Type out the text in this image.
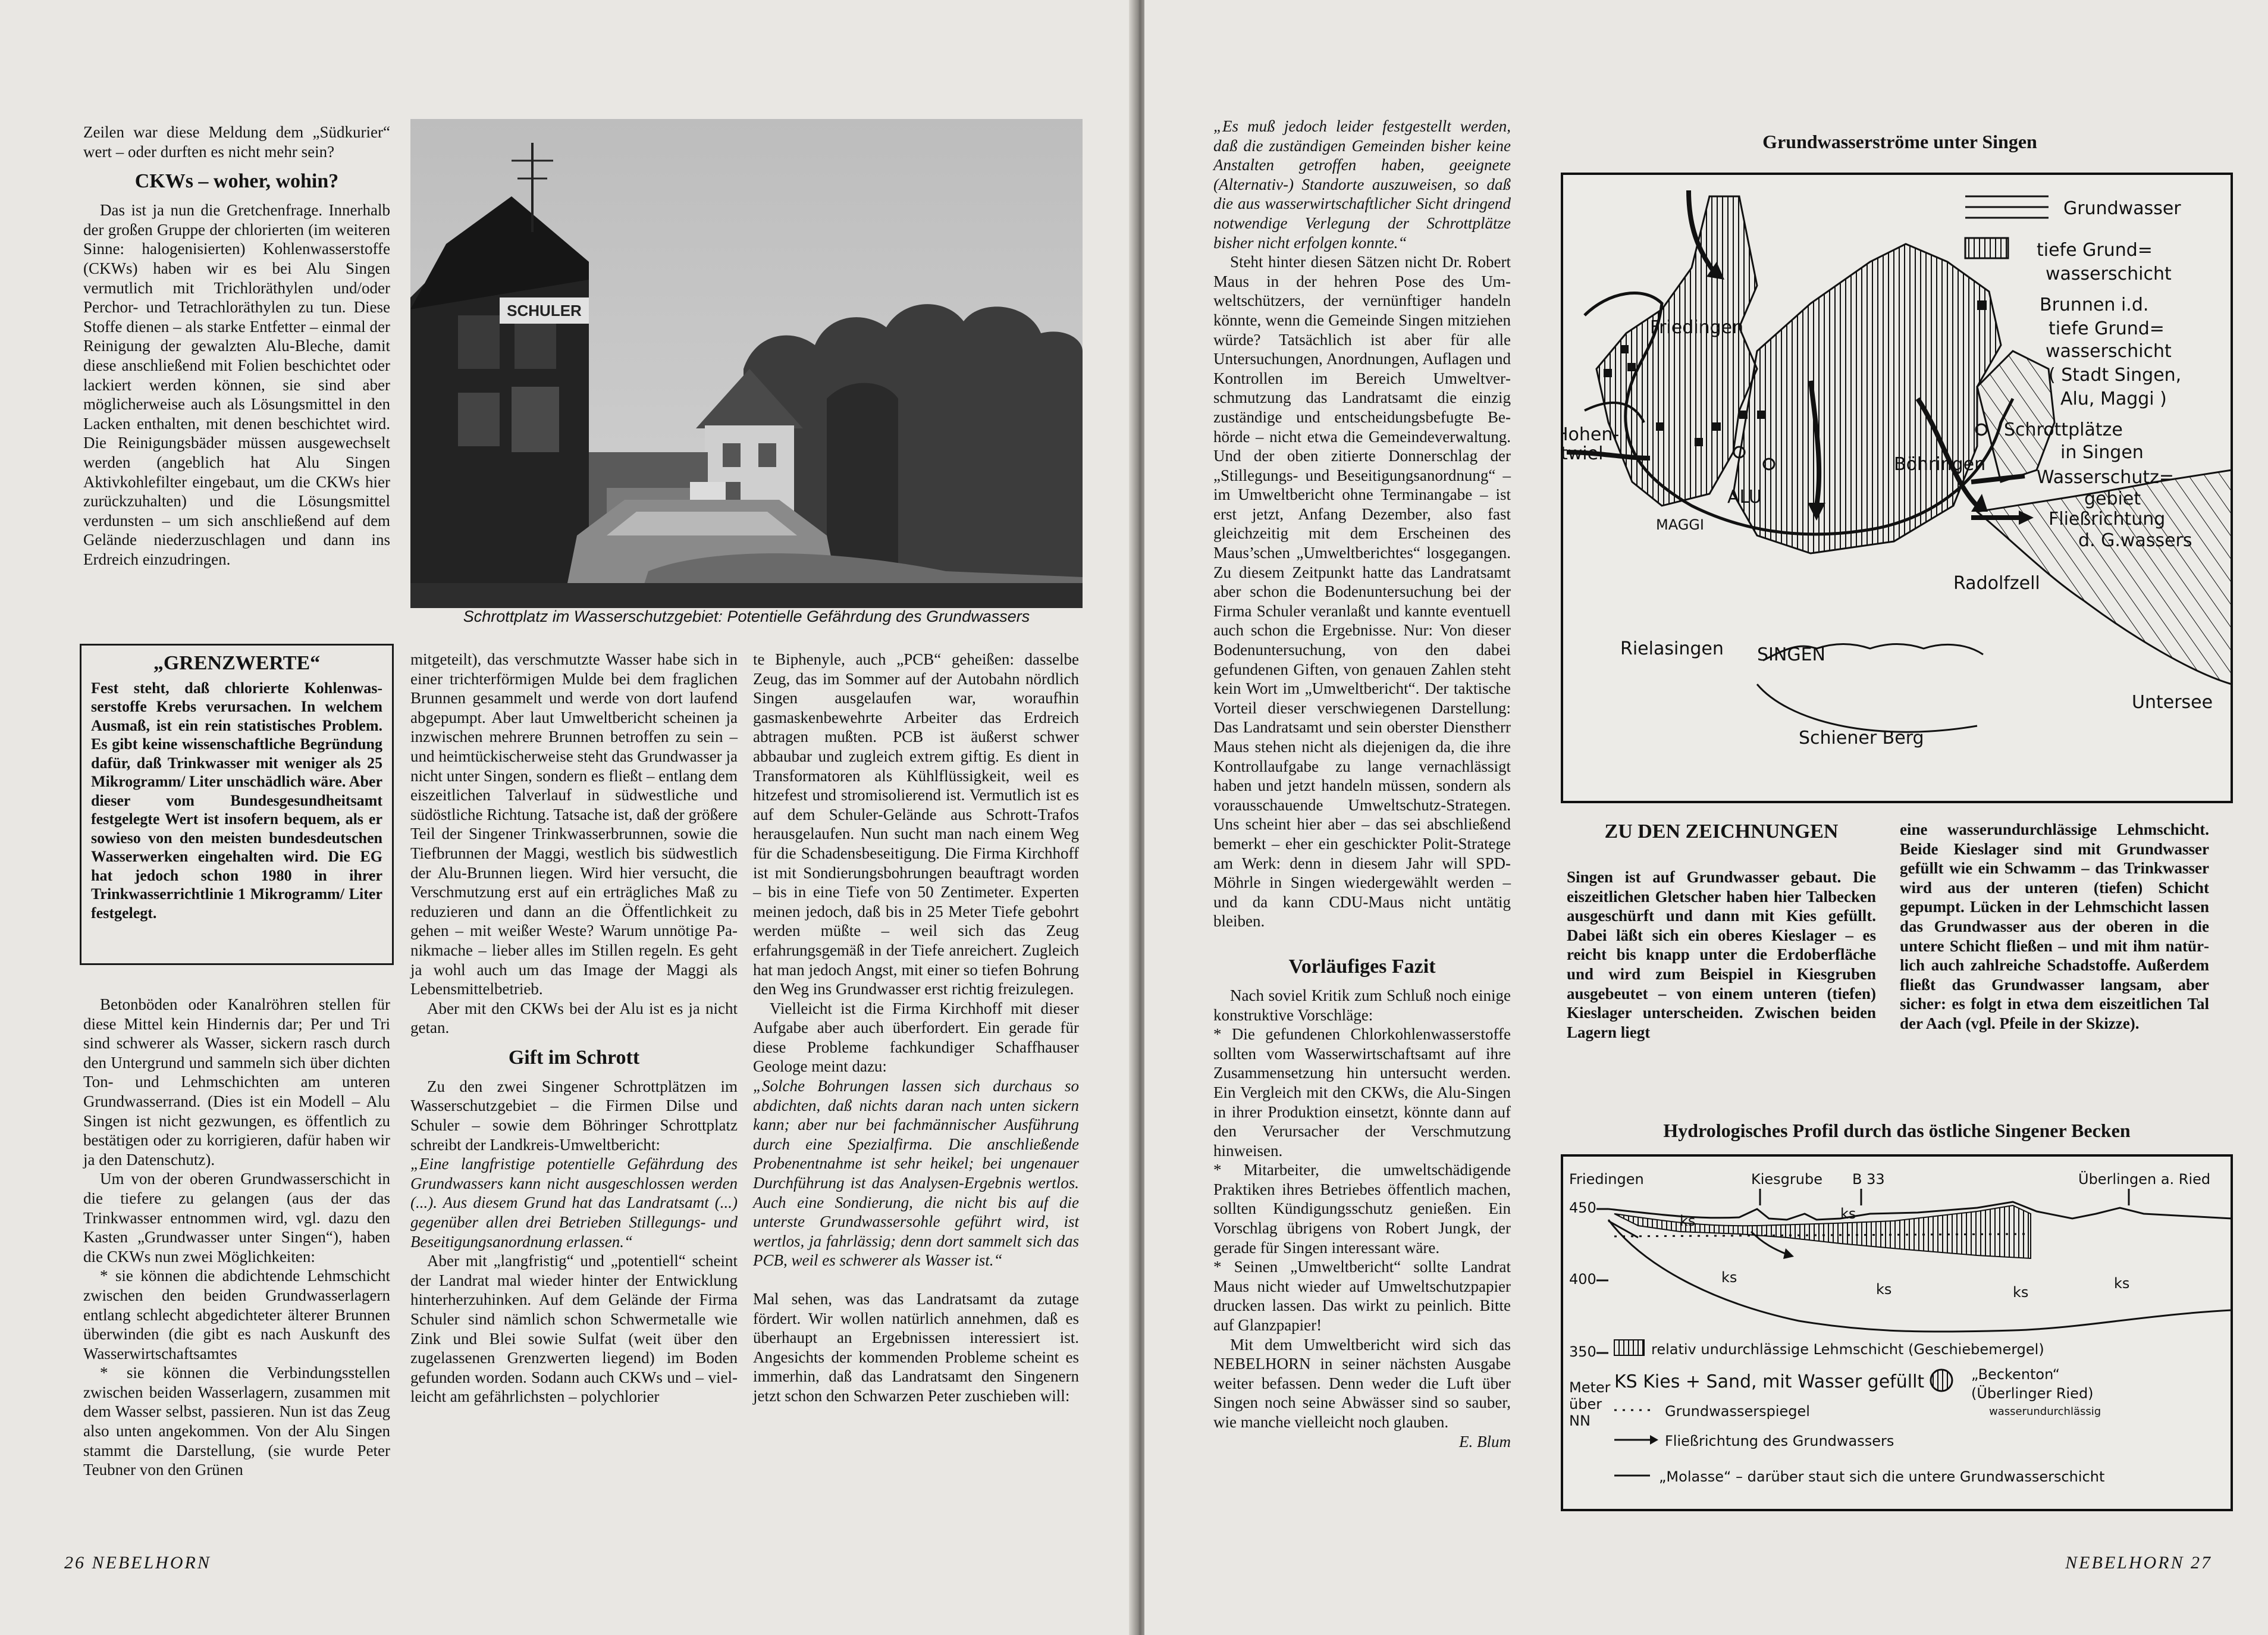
Zeilen war diese Meldung dem „Südkurier“ wert – oder durften es nicht mehr sein?

CKWs – woher, wohin?

Das ist ja nun die Gretchenfrage. Innerhalb der großen Gruppe der chlorierten (im weiteren Sinne: halogenisierten) Kohlenwasserstoffe (CKWs) haben wir es bei Alu Singen vermutlich mit Trichloräthylen und/oder Perchor- und Tetrachloräthylen zu tun. Diese Stoffe dienen – als starke Entfetter – einmal der Reinigung der gewalzten Alu-Bleche, damit diese anschließend mit Folien beschichtet oder lackiert werden können, sie sind aber möglicherweise auch als Lösungsmittel in den Lacken enthalten, mit denen beschichtet wird. Die Reinigungsbäder müssen ausgewechselt werden (angeblich hat Alu Singen Aktivkohlefilter eingebaut, um die CKWs hier zurückzuhalten) und die Lösungsmittel verdunsten – um sich anschließend auf dem Gelände niederzuschlagen und dann ins Erdreich einzudringen.

„GRENZWERTE“
Fest steht, daß chlorierte Kohlenwasserstoffe Krebs verursachen. In welchem Ausmaß, ist ein rein statistisches Problem. Es gibt keine wissenschaftliche Begründung dafür, daß Trinkwasser mit weniger als 25 Mikrogramm/ Liter unschädlich wäre. Aber dieser vom Bundesgesundheitsamt festgelegte Wert ist insofern bequem, als er sowieso von den meisten bundesdeutschen Wasserwerken eingehalten wird. Die EG hat jedoch schon 1980 in ihrer Trinkwasserrichtlinie 1 Mikrogramm/ Liter festgelegt.

Betonböden oder Kanalröhren stellen für diese Mittel kein Hindernis dar; Per und Tri sind schwerer als Wasser, sickern rasch durch den Untergrund und sammeln sich über dichten Ton- und Lehmschichten am unteren Grundwasserrand. (Dies ist ein Modell – Alu Singen ist nicht gezwungen, es öffentlich zu bestätigen oder zu korrigieren, dafür haben wir ja den Datenschutz).

Um von der oberen Grundwasserschicht in die tiefere zu gelangen (aus der das Trinkwasser entnommen wird, vgl. dazu den Kasten „Grundwasser unter Singen“), haben die CKWs nun zwei Möglichkeiten:

* sie können die abdichtende Lehmschicht zwischen den beiden Grundwasserlagern entlang schlecht abgedichteter älterer Brunnen überwinden (die gibt es nach Auskunft des Wasserwirtschaftsamtes

* sie können die Verbindungsstellen zwischen beiden Wasserlagern, zusammen mit dem Wasser selbst, passieren. Nun ist das Zeug also unten angekommen. Von der Alu Singen stammt die Darstellung, (sie wurde Peter Teubner von den Grünen

SCHULER
Schrottplatz im Wasserschutzgebiet: Potentielle Gefährdung des Grundwassers

mitgeteilt), das verschmutzte Wasser habe sich in einer trichterförmigen Mulde bei dem fraglichen Brunnen gesammelt und werde von dort laufend abgepumpt. Aber laut Umweltbericht scheinen ja inzwischen mehrere Brunnen betroffen zu sein – und heimtückischerweise steht das Grundwasser ja nicht unter Singen, sondern es fließt – entlang dem eiszeitlichen Talverlauf in südwestliche und südöstliche Richtung. Tatsache ist, daß der größere Teil der Singener Trinkwasserbrunnen, sowie die Tiefbrunnen der Maggi, westlich bis südwestlich der Alu-Brunnen liegen. Wird hier versucht, die Verschmutzung erst auf ein erträgliches Maß zu reduzieren und dann an die Öffentlichkeit zu gehen – mit weißer Weste? Warum unnötige Panikmache – lieber alles im Stillen regeln. Es geht ja wohl auch um das Image der Maggi als Lebensmittelbetrieb.

Aber mit den CKWs bei der Alu ist es ja nicht getan.

Gift im Schrott

Zu den zwei Singener Schrottplätzen im Wasserschutzgebiet – die Firmen Dilse und Schuler – sowie dem Böhringer Schrottplatz schreibt der Landkreis-Umweltbericht:

„Eine langfristige potentielle Gefährdung des Grundwassers kann nicht ausgeschlossen werden (...). Aus diesem Grund hat das Landratsamt (...) gegenüber allen drei Betrieben Stillegungs- und Beseitigungsanordnung erlassen.“

Aber mit „langfristig“ und „potentiell“ scheint der Landrat mal wieder hinter der Entwicklung hinterherzuhinken. Auf dem Gelände der Firma Schuler sind nämlich schon Schwermetalle wie Zink und Blei sowie Sulfat (weit über den zugelassenen Grenzwerten liegend) im Boden gefunden worden. Sodann auch CKWs und – vielleicht am gefährlichsten – polychlorier

te Biphenyle, auch „PCB“ geheißen: dasselbe Zeug, das im Sommer auf der Autobahn nördlich Singen ausgelaufen war, woraufhin gasmaskenbewehrte Arbeiter das Erdreich abtragen mußten. PCB ist äußerst schwer abbaubar und zugleich extrem giftig. Es dient in Transformatoren als Kühlflüssigkeit, weil es hitzefest und stromisolierend ist. Vermutlich ist es auf dem Schuler-Gelände aus Schrott-Trafos herausgelaufen. Nun sucht man nach einem Weg für die Schadensbeseitigung. Die Firma Kirchhoff ist mit Sondierungsbohrungen beauftragt worden – bis in eine Tiefe von 50 Zentimeter. Experten meinen jedoch, daß bis in 25 Meter Tiefe gebohrt werden müßte – weil sich das Zeug erfahrungsgemäß in der Tiefe anreichert. Zugleich hat man jedoch Angst, mit einer so tiefen Bohrung den Weg ins Grundwasser erst richtig freizulegen.

Vielleicht ist die Firma Kirchhoff mit dieser Aufgabe aber auch überfordert. Ein gerade für diese Probleme fachkundiger Schaffhauser Geologe meint dazu:

„Solche Bohrungen lassen sich durchaus so abdichten, daß nichts daran nach unten sickern kann; aber nur bei fachmännischer Ausführung durch eine Spezialfirma. Die anschließende Probenentnahme ist sehr heikel; bei ungenauer Durchführung ist das Analysen-Ergebnis wertlos. Auch eine Sondierung, die nicht bis auf die unterste Grundwassersohle geführt wird, ist wertlos, ja fahrlässig; denn dort sammelt sich das PCB, weil es schwerer als Wasser ist.“

Mal sehen, was das Landratsamt da zutage fördert. Wir wollen natürlich annehmen, daß es überhaupt an Ergebnissen interessiert ist. Angesichts der kommenden Probleme scheint es immerhin, daß das Landratsamt den Singenern jetzt schon den Schwarzen Peter zuschieben will:

26 NEBELHORN

„Es muß jedoch leider festgestellt werden, daß die zuständigen Gemeinden bisher keine Anstalten getroffen haben, geeignete (Alternativ-) Standorte auszuweisen, so daß die aus wasserwirtschaftlicher Sicht dringend notwendige Verlegung der Schrottplätze bisher nicht erfolgen konnte.“

Steht hinter diesen Sätzen nicht Dr. Robert Maus in der hehren Pose des Umweltschützers, der vernünftiger handeln könnte, wenn die Gemeinde Singen mitziehen würde? Tatsächlich ist aber für alle Untersuchungen, Anordnungen, Auflagen und Kontrollen im Bereich Umweltverschmutzung das Landratsamt die einzig zuständige und entscheidungsbefugte Behörde – nicht etwa die Gemeindeverwaltung. Und der oben zitierte Donnerschlag der „Stillegungs- und Beseitigungsanordnung“ – im Umweltbericht ohne Terminangabe – ist erst jetzt, Anfang Dezember, also fast gleichzeitig mit dem Erscheinen des Maus’schen „Umweltberichtes“ losgegangen. Zu diesem Zeitpunkt hatte das Landratsamt aber schon die Bodenuntersuchung bei der Firma Schuler veranlaßt und kannte eventuell auch schon die Ergebnisse. Nur: Von dieser Bodenuntersuchung, von den dabei gefundenen Giften, von genauen Zahlen steht kein Wort im „Umweltbericht“. Der taktische Vorteil dieser verschwiegenen Darstellung: Das Landratsamt und sein oberster Dienstherr Maus stehen nicht als diejenigen da, die ihre Kontrollaufgabe zu lange vernachlässigt haben und jetzt handeln müssen, sondern als vorausschauende Umweltschutz-Strategen. Uns scheint hier aber – das sei abschließend bemerkt – eher ein geschickter Polit-Stratege am Werk: denn in diesem Jahr will SPD-Möhrle in Singen wiedergewählt werden – und da kann CDU-Maus nicht untätig bleiben.

Vorläufiges Fazit

Nach soviel Kritik zum Schluß noch einige konstruktive Vorschläge:

* Die gefundenen Chlorkohlenwasserstoffe sollten vom Wasserwirtschaftsamt auf ihre Zusammensetzung hin untersucht werden. Ein Vergleich mit den CKWs, die Alu-Singen in ihrer Produktion einsetzt, könnte dann auf den Verursacher der Verschmutzung hinweisen.

* Mitarbeiter, die umweltschädigende Praktiken ihres Betriebes öffentlich machen, sollten Kündigungsschutz genießen. Ein Vorschlag übrigens von Robert Jungk, der gerade für Singen interessant wäre.

* Seinen „Umweltbericht“ sollte Landrat Maus nicht wieder auf Umweltschutzpapier drucken lassen. Das wirkt zu peinlich. Bitte auf Glanzpapier!

Mit dem Umweltbericht wird sich das NEBELHORN in seiner nächsten Ausgabe weiter befassen. Denn weder die Luft über Singen noch seine Abwässer sind so sauber, wie manche vielleicht noch glauben.

E. Blum

Grundwasserströme unter Singen
Grundwasser
tiefe Grund=
wasserschicht
Brunnen i.d.
tiefe Grund=
wasserschicht
( Stadt Singen,
Alu, Maggi )
Schrottplätze
in Singen
Wasserschutz=
gebiet
Fließrichtung
d. G.wassers
Friedingen
Hohen-
twiel
Böhringen
ALU
MAGGI
Radolfzell
Rielasingen SINGEN
Untersee
Schiener Berg
ZU DEN ZEICHNUNGEN

Singen ist auf Grundwasser gebaut. Die eiszeitlichen Gletscher haben hier Talbecken ausgeschürft und dann mit Kies gefüllt. Dabei läßt sich ein oberes Kieslager – es reicht bis knapp unter die Erdoberfläche und wird zum Beispiel in Kiesgruben ausgebeutet – von einem unteren (tiefen) Kieslager unterscheiden. Zwischen beiden Lagern liegt

eine wasserundurchlässige Lehmschicht. Beide Kieslager sind mit Grundwasser gefüllt wie ein Schwamm – das Trinkwasser wird aus der unteren (tiefen) Schicht gepumpt. Lücken in der Lehmschicht lassen das Grundwasser aus der oberen in die untere Schicht fließen – und mit ihm natürlich auch zahlreiche Schadstoffe. Außerdem fließt das Grundwasser langsam, aber sicher: es folgt in etwa dem eiszeitlichen Tal der Aach (vgl. Pfeile in der Skizze).

Hydrologisches Profil durch das östliche Singener Becken
Friedingen	Kiesgrube B 33	Überlingen a. Ried
450
400
350
ks	ks
ks
ks	ks
ks
relativ undurchlässige Lehmschicht (Geschiebemergel)
KS Kies + Sand, mit Wasser gefüllt
Meter
über
NN
Grundwasserspiegel
Fließrichtung des Grundwassers
„Molasse“ – darüber staut sich die untere Grundwasserschicht
„Beckenton“
(Überlinger Ried)
wasserundurchlässig
NEBELHORN 27
